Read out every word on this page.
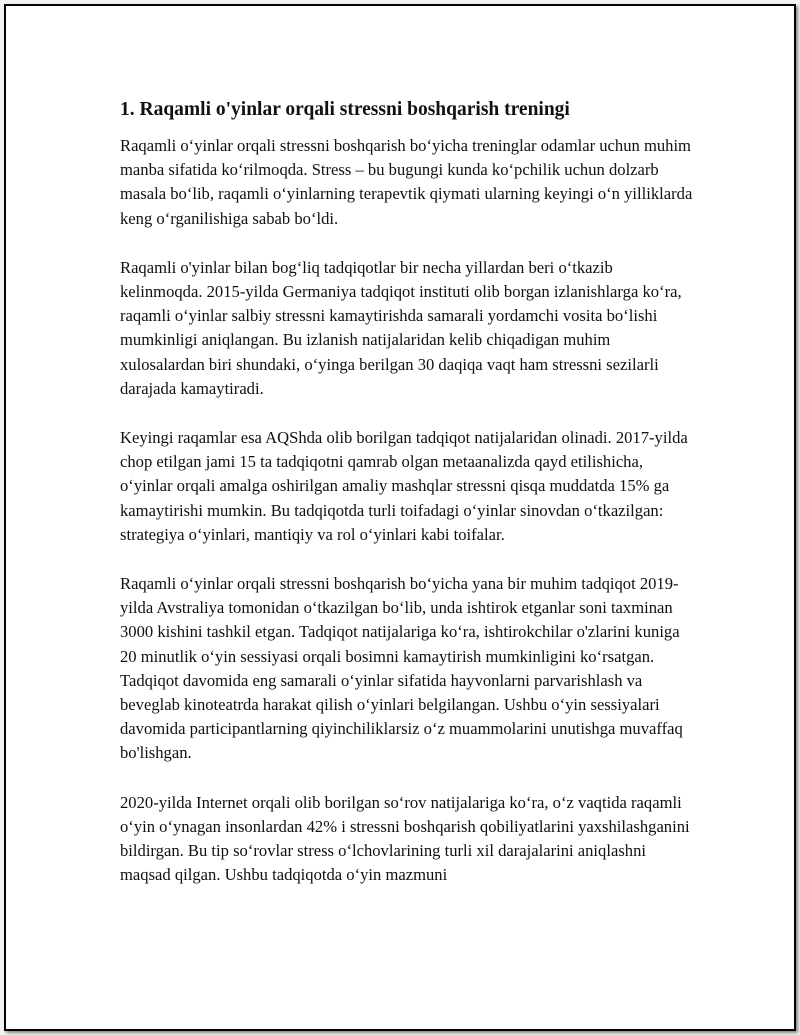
1. Raqamli o'yinlar orqali stressni boshqarish treningi

Raqamli o‘yinlar orqali stressni boshqarish bo‘yicha treninglar odamlar uchun muhim manba sifatida ko‘rilmoqda. Stress – bu bugungi kunda ko‘pchilik uchun dolzarb masala bo‘lib, raqamli o‘yinlarning terapevtik qiymati ularning keyingi o‘n yilliklarda keng o‘rganilishiga sabab bo‘ldi.

Raqamli o'yinlar bilan bog‘liq tadqiqotlar bir necha yillardan beri o‘tkazib kelinmoqda. 2015-yilda Germaniya tadqiqot instituti olib borgan izlanishlarga ko‘ra, raqamli o‘yinlar salbiy stressni kamaytirishda samarali yordamchi vosita bo‘lishi mumkinligi aniqlangan. Bu izlanish natijalaridan kelib chiqadigan muhim xulosalardan biri shundaki, o‘yinga berilgan 30 daqiqa vaqt ham stressni sezilarli darajada kamaytiradi.

Keyingi raqamlar esa AQShda olib borilgan tadqiqot natijalaridan olinadi. 2017-yilda chop etilgan jami 15 ta tadqiqotni qamrab olgan metaanalizda qayd etilishicha, o‘yinlar orqali amalga oshirilgan amaliy mashqlar stressni qisqa muddatda 15% ga kamaytirishi mumkin. Bu tadqiqotda turli toifadagi o‘yinlar sinovdan o‘tkazilgan: strategiya o‘yinlari, mantiqiy va rol o‘yinlari kabi toifalar.

Raqamli o‘yinlar orqali stressni boshqarish bo‘yicha yana bir muhim tadqiqot 2019-yilda Avstraliya tomonidan o‘tkazilgan bo‘lib, unda ishtirok etganlar soni taxminan 3000 kishini tashkil etgan. Tadqiqot natijalariga ko‘ra, ishtirokchilar o'zlarini kuniga 20 minutlik o‘yin sessiyasi orqali bosimni kamaytirish mumkinligini ko‘rsatgan. Tadqiqot davomida eng samarali o‘yinlar sifatida hayvonlarni parvarishlash va beveglab kinoteatrda harakat qilish o‘yinlari belgilangan. Ushbu o‘yin sessiyalari davomida participantlarning qiyinchiliklarsiz o‘z muammolarini unutishga muvaffaq bo'lishgan.

2020-yilda Internet orqali olib borilgan so‘rov natijalariga ko‘ra, o‘z vaqtida raqamli o‘yin o‘ynagan insonlardan 42% i stressni boshqarish qobiliyatlarini yaxshilashganini bildirgan. Bu tip so‘rovlar stress o‘lchovlarining turli xil darajalarini aniqlashni maqsad qilgan. Ushbu tadqiqotda o‘yin mazmuni
